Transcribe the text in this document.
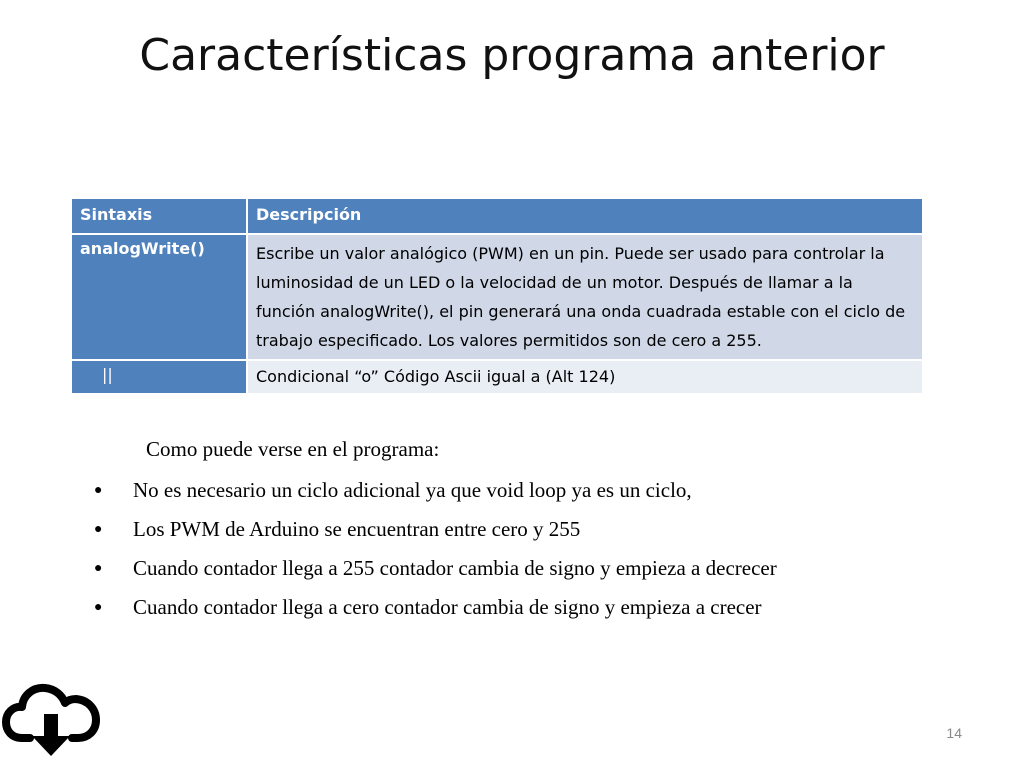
Características programa anterior
Sintaxis	Descripción
analogWrite()	Escribe un valor analógico (PWM) en un pin. Puede ser usado para controlar la luminosidad de un LED o la velocidad de un motor. Después de llamar a la función analogWrite(), el pin generará una onda cuadrada estable con el ciclo de trabajo especificado. Los valores permitidos son de cero a 255.
||	Condicional “o” Código Ascii igual a (Alt 124)
Como puede verse en el programa:
●	No es necesario un ciclo adicional ya que void loop ya es un ciclo,
●	Los PWM de Arduino se encuentran entre cero y 255
●	Cuando contador llega a 255 contador cambia de signo y empieza a decrecer
●	Cuando contador llega a cero contador cambia de signo y empieza a crecer
14
